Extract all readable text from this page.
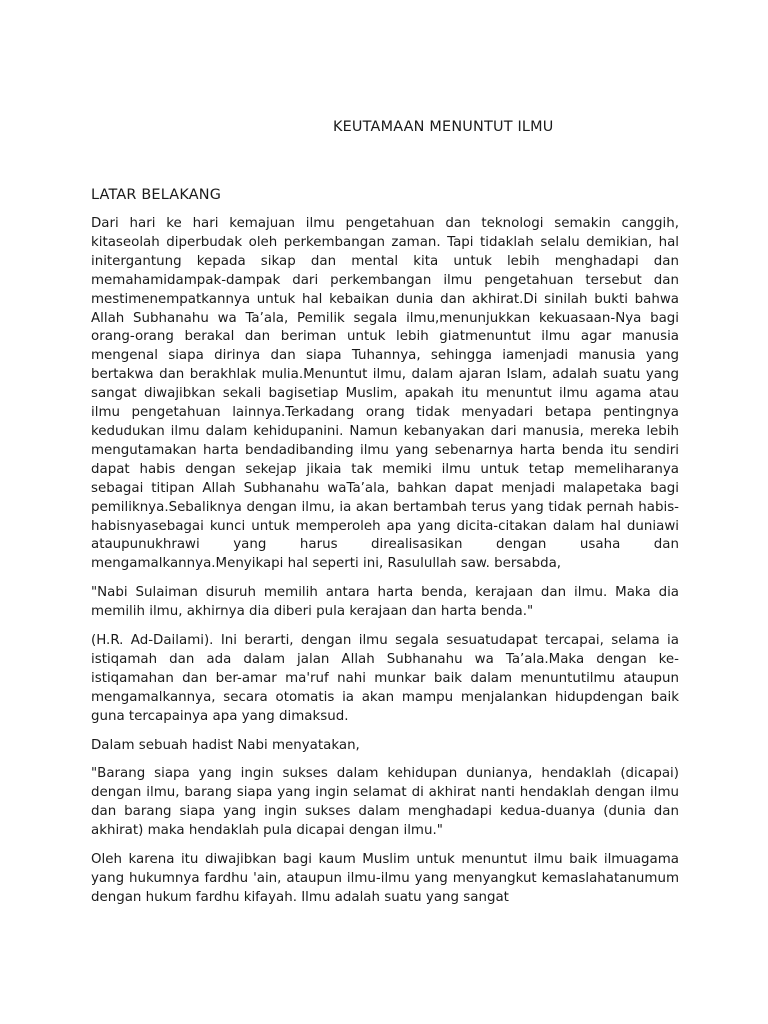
KEUTAMAAN MENUNTUT ILMU
LATAR BELAKANG

Dari hari ke hari kemajuan ilmu pengetahuan dan teknologi semakin canggih, kitaseolah diperbudak oleh perkembangan zaman. Tapi tidaklah selalu demikian, hal initergantung kepada sikap dan mental kita untuk lebih menghadapi dan memahamidampak-dampak dari perkembangan ilmu pengetahuan tersebut dan mestimenempatkannya untuk hal kebaikan dunia dan akhirat.Di sinilah bukti bahwa Allah Subhanahu wa Ta’ala, Pemilik segala ilmu,menunjukkan kekuasaan-Nya bagi orang-orang berakal dan beriman untuk lebih giatmenuntut ilmu agar manusia mengenal siapa dirinya dan siapa Tuhannya, sehingga iamenjadi manusia yang bertakwa dan berakhlak mulia.Menuntut ilmu, dalam ajaran Islam, adalah suatu yang sangat diwajibkan sekali bagisetiap Muslim, apakah itu menuntut ilmu agama atau ilmu pengetahuan lainnya.Terkadang orang tidak menyadari betapa pentingnya kedudukan ilmu dalam kehidupanini. Namun kebanyakan dari manusia, mereka lebih mengutamakan harta bendadibanding ilmu yang sebenarnya harta benda itu sendiri dapat habis dengan sekejap jikaia tak memiki ilmu untuk tetap memeliharanya sebagai titipan Allah Subhanahu waTa’ala, bahkan dapat menjadi malapetaka bagi pemiliknya.Sebaliknya dengan ilmu, ia akan bertambah terus yang tidak pernah habis-habisnyasebagai kunci untuk memperoleh apa yang dicita-citakan dalam hal duniawi ataupunukhrawi yang harus direalisasikan dengan usaha dan mengamalkannya.Menyikapi hal seperti ini, Rasulullah saw. bersabda,

"Nabi Sulaiman disuruh memilih antara harta benda, kerajaan dan ilmu. Maka dia memilih ilmu, akhirnya dia diberi pula kerajaan dan harta benda."

(H.R. Ad-Dailami). Ini berarti, dengan ilmu segala sesuatudapat tercapai, selama ia istiqamah dan ada dalam jalan Allah Subhanahu wa Ta’ala.Maka dengan ke-istiqamahan dan ber-amar ma'ruf nahi munkar baik dalam menuntutilmu ataupun mengamalkannya, secara otomatis ia akan mampu menjalankan hidupdengan baik guna tercapainya apa yang dimaksud.

Dalam sebuah hadist Nabi menyatakan,

"Barang siapa yang ingin sukses dalam kehidupan dunianya, hendaklah (dicapai) dengan ilmu, barang siapa yang ingin selamat di akhirat nanti hendaklah dengan ilmu dan barang siapa yang ingin sukses dalam menghadapi kedua-duanya (dunia dan akhirat) maka hendaklah pula dicapai dengan ilmu."

Oleh karena itu diwajibkan bagi kaum Muslim untuk menuntut ilmu baik ilmuagama yang hukumnya fardhu 'ain, ataupun ilmu-ilmu yang menyangkut kemaslahatanumum dengan hukum fardhu kifayah. Ilmu adalah suatu yang sangat
